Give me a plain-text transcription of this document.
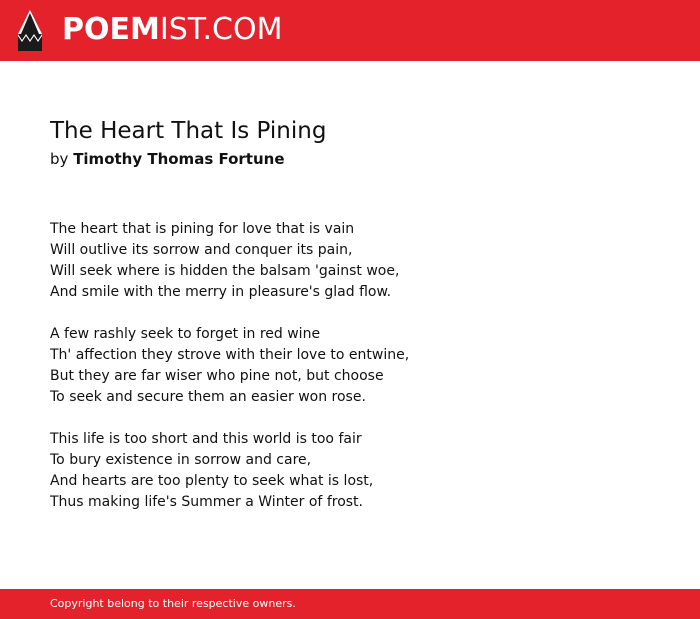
POEMIST.COM
The Heart That Is Pining
by Timothy Thomas Fortune
The heart that is pining for love that is vain
Will outlive its sorrow and conquer its pain,
Will seek where is hidden the balsam 'gainst woe,
And smile with the merry in pleasure's glad flow.
A few rashly seek to forget in red wine
Th' affection they strove with their love to entwine,
But they are far wiser who pine not, but choose
To seek and secure them an easier won rose.
This life is too short and this world is too fair
To bury existence in sorrow and care,
And hearts are too plenty to seek what is lost,
Thus making life's Summer a Winter of frost.
Copyright belong to their respective owners.
